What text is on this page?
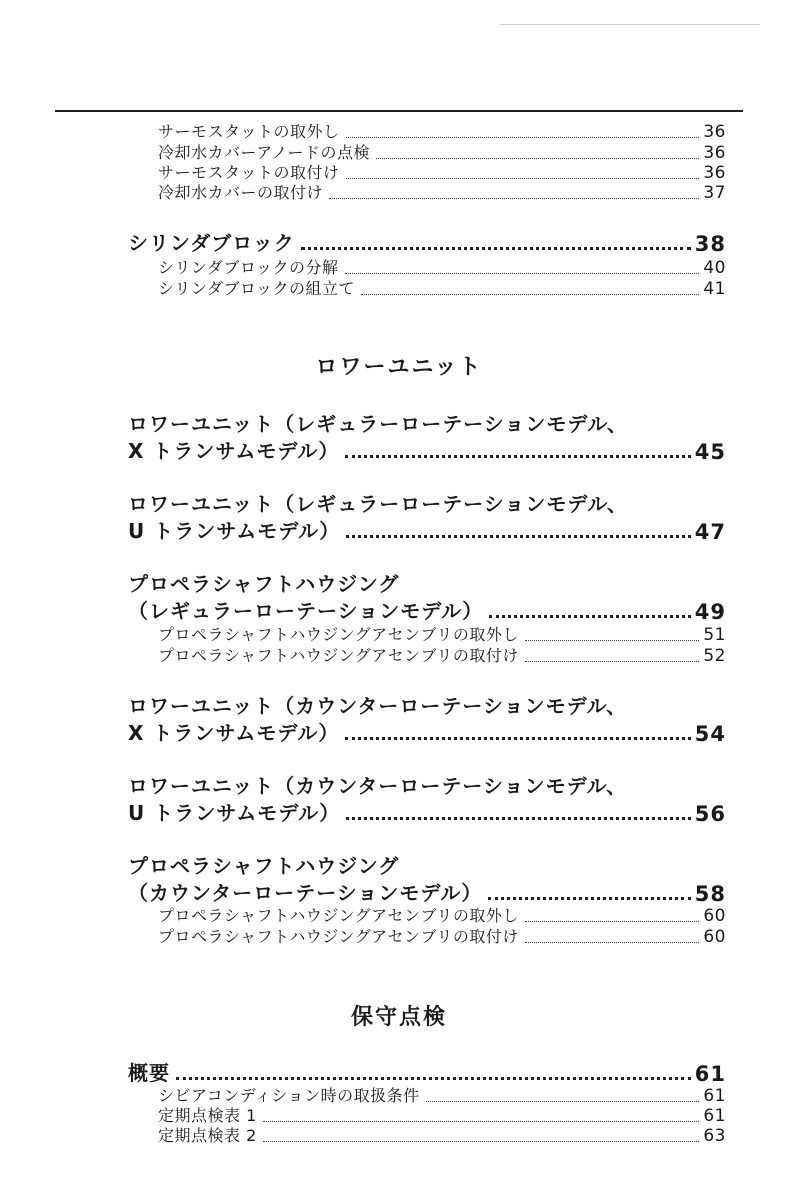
サーモスタットの取外し	36
冷却水カバーアノードの点検	36
サーモスタットの取付け	36
冷却水カバーの取付け	37
シリンダブロック	38
シリンダブロックの分解	40
シリンダブロックの組立て	41
ロワーユニット
ロワーユニット（レギュラーローテーションモデル、
X トランサムモデル）	45
ロワーユニット（レギュラーローテーションモデル、
U トランサムモデル）	47
プロペラシャフトハウジング
（レギュラーローテーションモデル）	49
プロペラシャフトハウジングアセンブリの取外し	51
プロペラシャフトハウジングアセンブリの取付け	52
ロワーユニット（カウンターローテーションモデル、
X トランサムモデル）	54
ロワーユニット（カウンターローテーションモデル、
U トランサムモデル）	56
プロペラシャフトハウジング
（カウンターローテーションモデル）	58
プロペラシャフトハウジングアセンブリの取外し	60
プロペラシャフトハウジングアセンブリの取付け	60
保守点検
概要	61
シビアコンディション時の取扱条件	61
定期点検表 1	61
定期点検表 2	63
